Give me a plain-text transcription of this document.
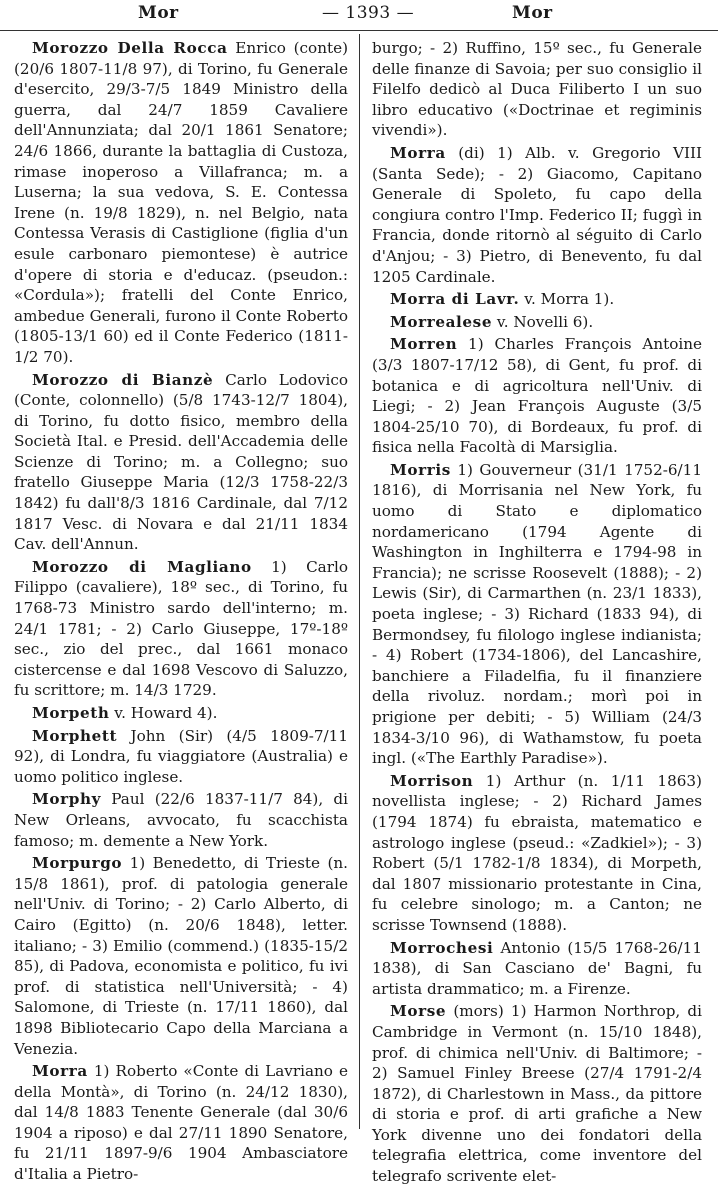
Mor	— 1393 —	Mor

Morozzo Della Rocca Enrico (conte) (20/6 1807-11/8 97), di Torino, fu Generale d'esercito, 29/3-7/5 1849 Ministro della guerra, dal 24/7 1859 Cavaliere dell'Annunziata; dal 20/1 1861 Senatore; 24/6 1866, durante la battaglia di Custoza, rimase inoperoso a Villafranca; m. a Luserna; la sua vedova, S. E. Contessa Irene (n. 19/8 1829), n. nel Belgio, nata Contessa Verasis di Castiglione (figlia d'un esule carbonaro piemontese) è autrice d'opere di storia e d'educaz. (pseudon.: «Cordula»); fratelli del Conte Enrico, ambedue Generali, furono il Conte Roberto (1805-13/1 60) ed il Conte Federico (1811-1/2 70).

Morozzo di Bianzè Carlo Lodovico (Conte, colonnello) (5/8 1743-12/7 1804), di Torino, fu dotto fisico, membro della Società Ital. e Presid. dell'Accademia delle Scienze di Torino; m. a Collegno; suo fratello Giuseppe Maria (12/3 1758-22/3 1842) fu dall'8/3 1816 Cardinale, dal 7/12 1817 Vesc. di Novara e dal 21/11 1834 Cav. dell'Annun.

Morozzo di Magliano 1) Carlo Filippo (cavaliere), 18º sec., di Torino, fu 1768-73 Ministro sardo dell'interno; m. 24/1 1781; - 2) Carlo Giuseppe, 17º-18º sec., zio del prec., dal 1661 monaco cistercense e dal 1698 Vescovo di Saluzzo, fu scrittore; m. 14/3 1729.

Morpeth v. Howard 4).

Morphett John (Sir) (4/5 1809-7/11 92), di Londra, fu viaggiatore (Australia) e uomo politico inglese.

Morphy Paul (22/6 1837-11/7 84), di New Orleans, avvocato, fu scacchista famoso; m. demente a New York.

Morpurgo 1) Benedetto, di Trieste (n. 15/8 1861), prof. di patologia generale nell'Univ. di Torino; - 2) Carlo Alberto, di Cairo (Egitto) (n. 20/6 1848), letter. italiano; - 3) Emilio (commend.) (1835-15/2 85), di Padova, economista e politico, fu ivi prof. di statistica nell'Università; - 4) Salomone, di Trieste (n. 17/11 1860), dal 1898 Bibliotecario Capo della Marciana a Venezia.

Morra 1) Roberto «Conte di Lavriano e della Montà», di Torino (n. 24/12 1830), dal 14/8 1883 Tenente Generale (dal 30/6 1904 a riposo) e dal 27/11 1890 Senatore, fu 21/11 1897-9/6 1904 Ambasciatore d'Italia a Pietro-

burgo; - 2) Ruffino, 15º sec., fu Generale delle finanze di Savoia; per suo consiglio il Filelfo dedicò al Duca Filiberto I un suo libro educativo («Doctrinae et regiminis vivendi»).

Morra (di) 1) Alb. v. Gregorio VIII (Santa Sede); - 2) Giacomo, Capitano Generale di Spoleto, fu capo della congiura contro l'Imp. Federico II; fuggì in Francia, donde ritornò al séguito di Carlo d'Anjou; - 3) Pietro, di Benevento, fu dal 1205 Cardinale.

Morra di Lavr. v. Morra 1).

Morrealese v. Novelli 6).

Morren 1) Charles François Antoine (3/3 1807-17/12 58), di Gent, fu prof. di botanica e di agricoltura nell'Univ. di Liegi; - 2) Jean François Auguste (3/5 1804-25/10 70), di Bordeaux, fu prof. di fisica nella Facoltà di Marsiglia.

Morris 1) Gouverneur (31/1 1752-6/11 1816), di Morrisania nel New York, fu uomo di Stato e diplomatico nordamericano (1794 Agente di Washington in Inghilterra e 1794-98 in Francia); ne scrisse Roosevelt (1888); - 2) Lewis (Sir), di Carmarthen (n. 23/1 1833), poeta inglese; - 3) Richard (1833 94), di Bermondsey, fu filologo inglese indianista; - 4) Robert (1734-1806), del Lancashire, banchiere a Filadelfia, fu il finanziere della rivoluz. nordam.; morì poi in prigione per debiti; - 5) William (24/3 1834-3/10 96), di Wathamstow, fu poeta ingl. («The Earthly Paradise»).

Morrison 1) Arthur (n. 1/11 1863) novellista inglese; - 2) Richard James (1794 1874) fu ebraista, matematico e astrologo inglese (pseud.: «Zadkiel»); - 3) Robert (5/1 1782-1/8 1834), di Morpeth, dal 1807 missionario protestante in Cina, fu celebre sinologo; m. a Canton; ne scrisse Townsend (1888).

Morrochesi Antonio (15/5 1768-26/11 1838), di San Casciano de' Bagni, fu artista drammatico; m. a Firenze.

Morse (mors) 1) Harmon Northrop, di Cambridge in Vermont (n. 15/10 1848), prof. di chimica nell'Univ. di Baltimore; - 2) Samuel Finley Breese (27/4 1791-2/4 1872), di Charlestown in Mass., da pittore di storia e prof. di arti grafiche a New York divenne uno dei fondatori della telegrafia elettrica, come inventore del telegrafo scrivente elet-
